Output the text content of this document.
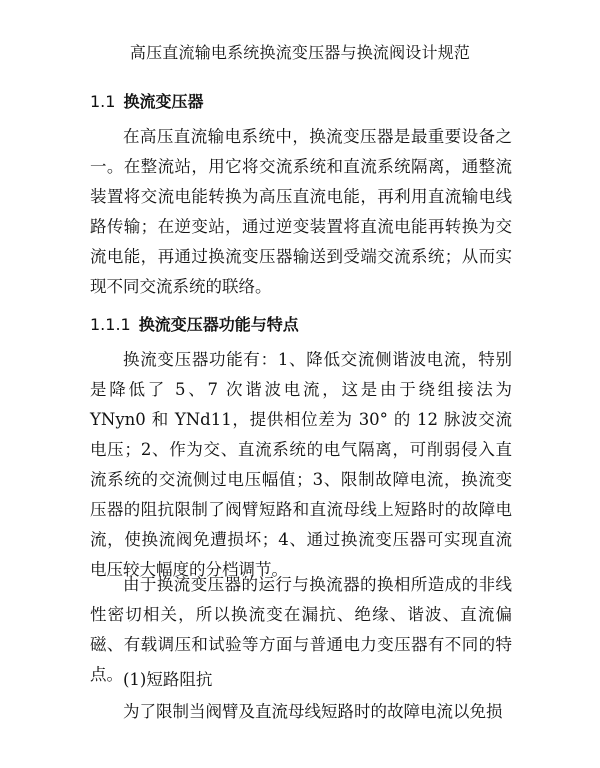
高压直流输电系统换流变压器与换流阀设计规范
1.1 换流变压器

在高压直流输电系统中，换流变压器是最重要设备之一。在整流站，用它将交流系统和直流系统隔离，通整流装置将交流电能转换为高压直流电能，再利用直流输电线路传输；在逆变站，通过逆变装置将直流电能再转换为交流电能，再通过换流变压器输送到受端交流系统；从而实现不同交流系统的联络。

1.1.1 换流变压器功能与特点

换流变压器功能有：1、降低交流侧谐波电流，特别是降低了 5、7 次谐波电流，这是由于绕组接法为 YNyn0 和 YNd11，提供相位差为 30° 的 12 脉波交流电压；2、作为交、直流系统的电气隔离，可削弱侵入直流系统的交流侧过电压幅值；3、限制故障电流，换流变压器的阻抗限制了阀臂短路和直流母线上短路时的故障电流，使换流阀免遭损坏；4、通过换流变压器可实现直流电压较大幅度的分档调节。

由于换流变压器的运行与换流器的换相所造成的非线性密切相关，所以换流变在漏抗、绝缘、谐波、直流偏磁、有载调压和试验等方面与普通电力变压器有不同的特点。 (1)短路阻抗

为了限制当阀臂及直流母线短路时的故障电流以免损
